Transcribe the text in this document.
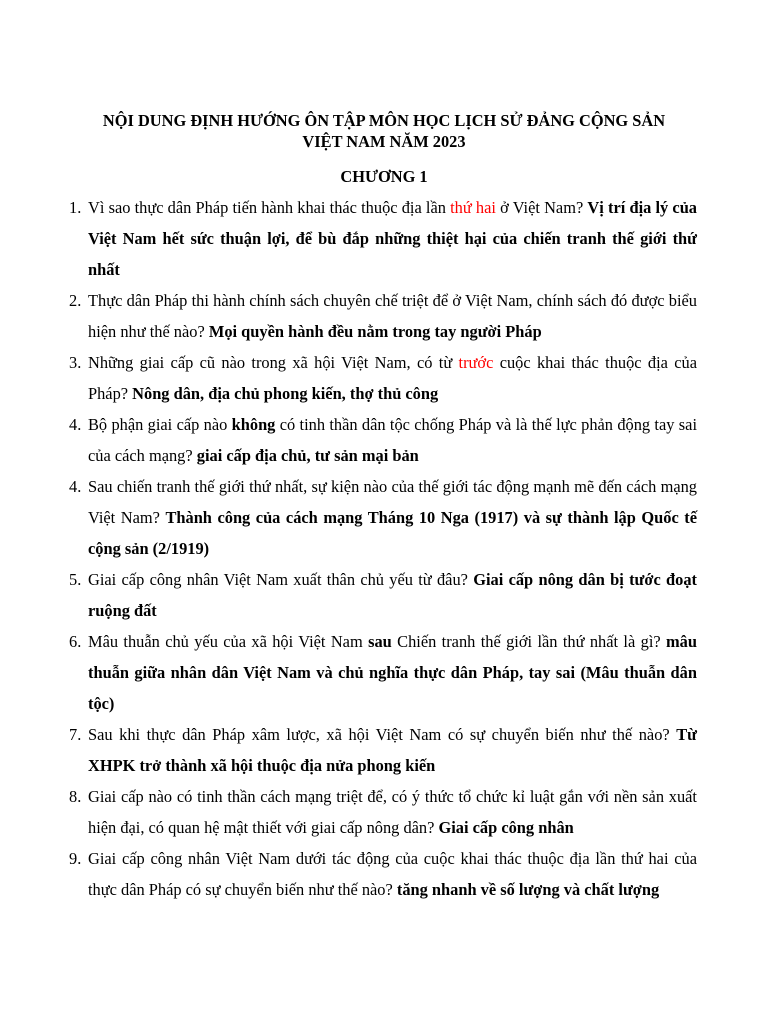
NỘI DUNG ĐỊNH HƯỚNG ÔN TẬP MÔN HỌC LỊCH SỬ ĐẢNG CỘNG SẢN
VIỆT NAM NĂM 2023
CHƯƠNG 1
1. Vì sao thực dân Pháp tiến hành khai thác thuộc địa lần thứ hai ở Việt Nam? Vị trí địa lý của Việt Nam hết sức thuận lợi, để bù đắp những thiệt hại của chiến tranh thế giới thứ nhất
2. Thực dân Pháp thi hành chính sách chuyên chế triệt để ở Việt Nam, chính sách đó được biểu hiện như thế nào? Mọi quyền hành đều nằm trong tay người Pháp
3. Những giai cấp cũ nào trong xã hội Việt Nam, có từ trước cuộc khai thác thuộc địa của Pháp? Nông dân, địa chủ phong kiến, thợ thủ công
4. Bộ phận giai cấp nào không có tinh thần dân tộc chống Pháp và là thế lực phản động tay sai của cách mạng? giai cấp địa chủ, tư sản mại bản
4. Sau chiến tranh thế giới thứ nhất, sự kiện nào của thế giới tác động mạnh mẽ đến cách mạng Việt Nam? Thành công của cách mạng Tháng 10 Nga (1917) và sự thành lập Quốc tế cộng sản (2/1919)
5. Giai cấp công nhân Việt Nam xuất thân chủ yếu từ đâu? Giai cấp nông dân bị tước đoạt ruộng đất
6. Mâu thuẫn chủ yếu của xã hội Việt Nam sau Chiến tranh thế giới lần thứ nhất là gì? mâu thuẫn giữa nhân dân Việt Nam và chủ nghĩa thực dân Pháp, tay sai (Mâu thuẫn dân tộc)
7. Sau khi thực dân Pháp xâm lược, xã hội Việt Nam có sự chuyển biến như thế nào? Từ XHPK trở thành xã hội thuộc địa nửa phong kiến
8. Giai cấp nào có tinh thần cách mạng triệt để, có ý thức tổ chức kỉ luật gắn với nền sản xuất hiện đại, có quan hệ mật thiết với giai cấp nông dân? Giai cấp công nhân
9. Giai cấp công nhân Việt Nam dưới tác động của cuộc khai thác thuộc địa lần thứ hai của thực dân Pháp có sự chuyển biến như thế nào? tăng nhanh về số lượng và chất lượng
